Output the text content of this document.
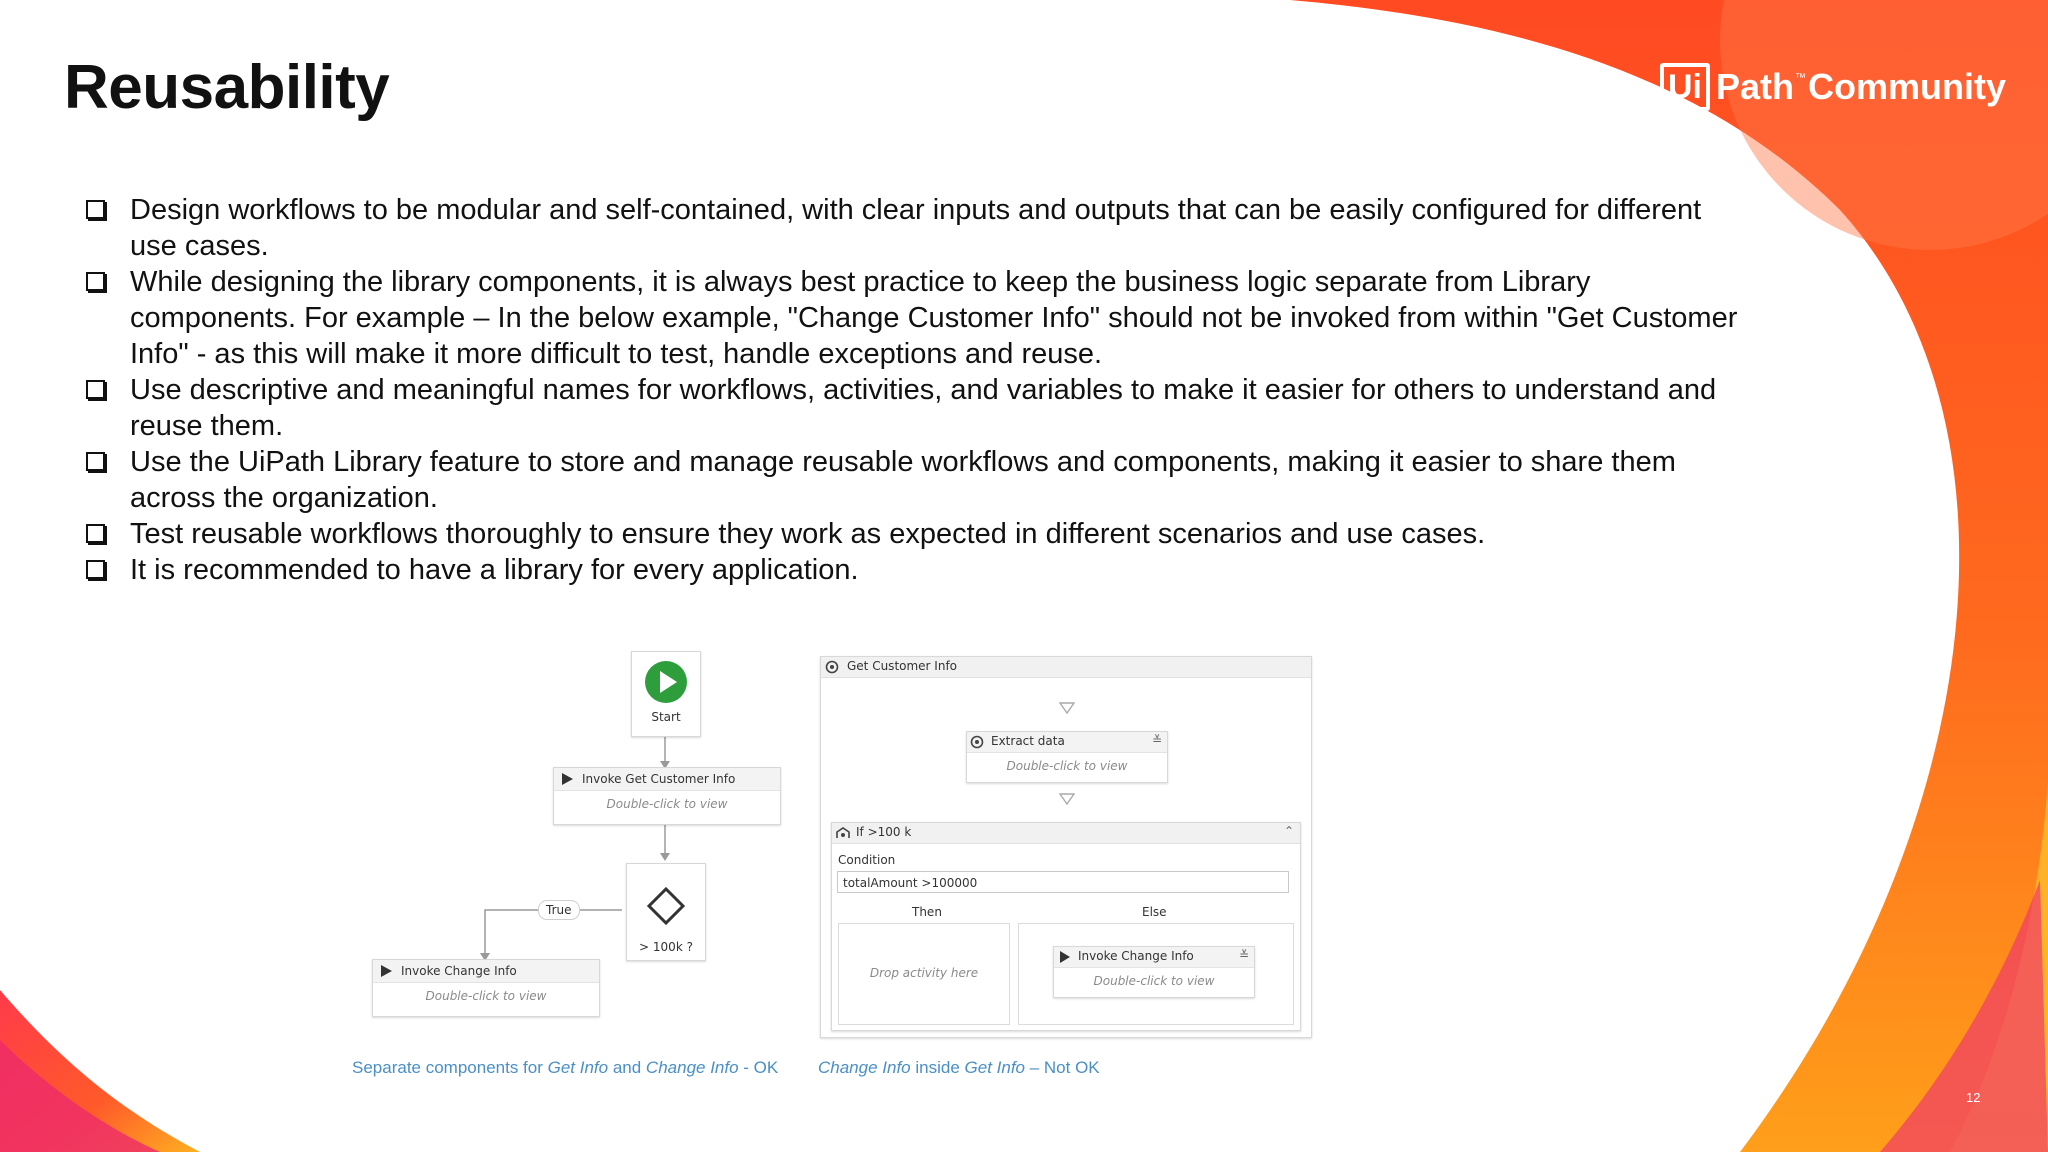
Reusability	Ui Path ™ Community
Design workflows to be modular and self-contained, with clear inputs and outputs that can be easily configured for different use cases.
While designing the library components, it is always best practice to keep the business logic separate from Library components. For example – In the below example, "Change Customer Info" should not be invoked from within "Get Customer Info" - as this will make it more difficult to test, handle exceptions and reuse.
Use descriptive and meaningful names for workflows, activities, and variables to make it easier for others to understand and reuse them.
Use the UiPath Library feature to store and manage reusable workflows and components, making it easier to share them across the organization.
Test reusable workflows thoroughly to ensure they work as expected in different scenarios and use cases.
It is recommended to have a library for every application.
Start
Invoke Get Customer Info
Double-click to view
> 100k ?
True
Invoke Change Info
Double-click to view
Get Customer Info
Extract data	≚
Double-click to view
If >100 k	⌃
Condition
totalAmount >100000
Then	Else
Drop activity here
Invoke Change Info	≚
Double-click to view
Separate components for Get Info and Change Info - OK Change Info inside Get Info – Not OK
12
